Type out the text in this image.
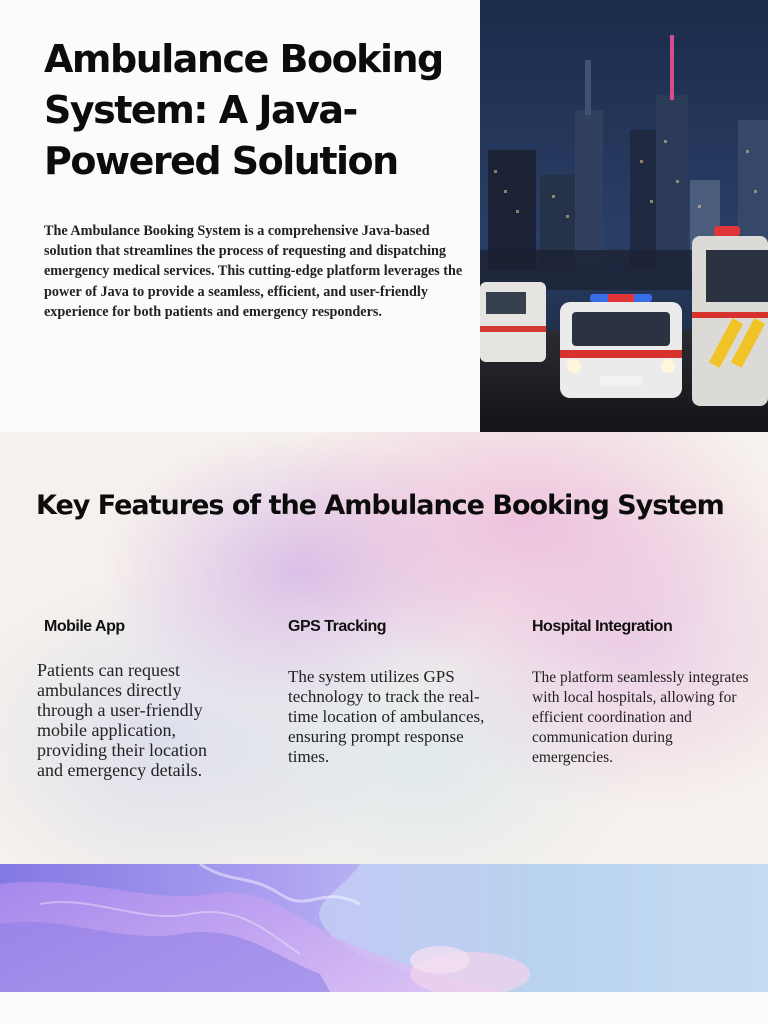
Ambulance Booking System: A Java-Powered Solution

The Ambulance Booking System is a comprehensive Java-based solution that streamlines the process of requesting and dispatching emergency medical services. This cutting-edge platform leverages the power of Java to provide a seamless, efficient, and user-friendly experience for both patients and emergency responders.

Key Features of the Ambulance Booking System
Mobile App

Patients can request ambulances directly through a user-friendly mobile application, providing their location and emergency details.

GPS Tracking

The system utilizes GPS technology to track the real-time location of ambulances, ensuring prompt response times.

Hospital Integration

The platform seamlessly integrates with local hospitals, allowing for efficient coordination and communication during emergencies.
